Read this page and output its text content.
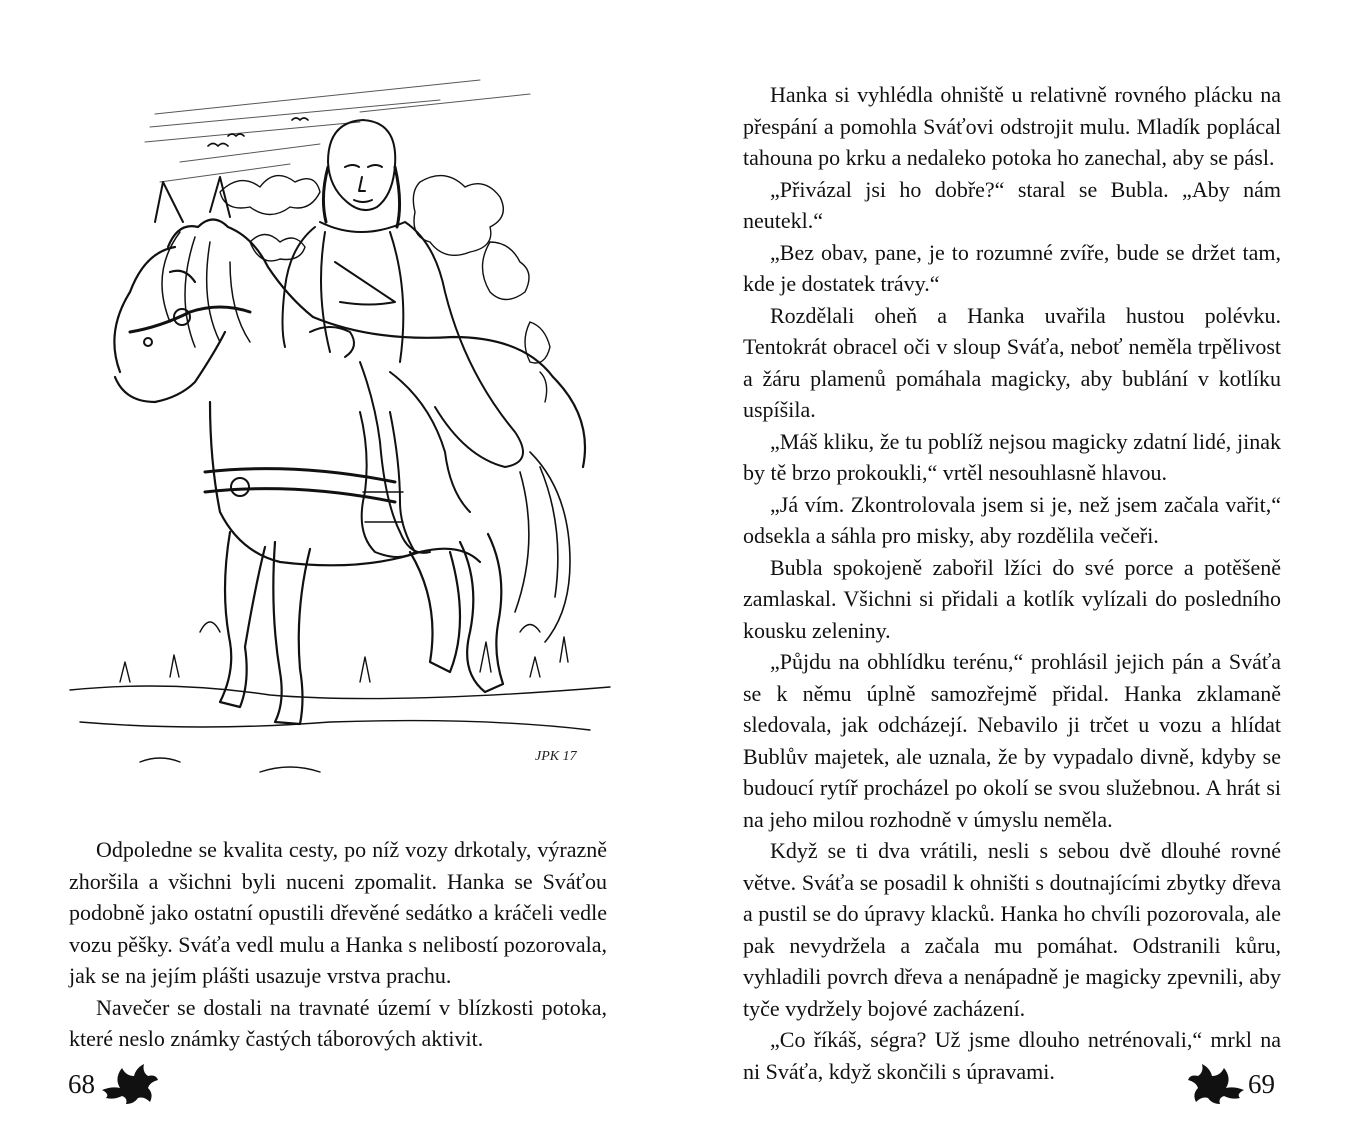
JPK 17

Odpoledne se kvalita cesty, po níž vozy drkotaly, výrazně zhoršila a všichni byli nuceni zpomalit. Hanka se Sváťou podobně jako ostatní opustili dřevěné sedátko a kráčeli vedle vozu pěšky. Sváťa vedl mulu a Hanka s nelibostí pozorovala, jak se na jejím plášti usazuje vrstva prachu.

Navečer se dostali na travnaté území v blízkosti potoka, které neslo známky častých táborových aktivit.

68

Hanka si vyhlédla ohniště u relativně rovného plácku na přespání a pomohla Sváťovi odstrojit mulu. Mladík poplácal tahouna po krku a nedaleko potoka ho zanechal, aby se pásl.

„Přivázal jsi ho dobře?“ staral se Bubla. „Aby nám neutekl.“

„Bez obav, pane, je to rozumné zvíře, bude se držet tam, kde je dostatek trávy.“

Rozdělali oheň a Hanka uvařila hustou polévku. Tentokrát obracel oči v sloup Sváťa, neboť neměla trpělivost a žáru plamenů pomáhala magicky, aby bublání v kotlíku uspíšila.

„Máš kliku, že tu poblíž nejsou magicky zdatní lidé, jinak by tě brzo prokoukli,“ vrtěl nesouhlasně hlavou.

„Já vím. Zkontrolovala jsem si je, než jsem začala vařit,“ odsekla a sáhla pro misky, aby rozdělila večeři.

Bubla spokojeně zabořil lžíci do své porce a potěšeně zamlaskal. Všichni si přidali a kotlík vylízali do posledního kousku zeleniny.

„Půjdu na obhlídku terénu,“ prohlásil jejich pán a Sváťa se k němu úplně samozřejmě přidal. Hanka zklamaně sledovala, jak odcházejí. Nebavilo ji trčet u vozu a hlídat Bublův majetek, ale uznala, že by vypadalo divně, kdyby se budoucí rytíř procházel po okolí se svou služebnou. A hrát si na jeho milou rozhodně v úmyslu neměla.

Když se ti dva vrátili, nesli s sebou dvě dlouhé rovné větve. Sváťa se posadil k ohništi s doutnajícími zbytky dřeva a pustil se do úpravy klacků. Hanka ho chvíli pozorovala, ale pak nevydržela a začala mu pomáhat. Odstranili kůru, vyhladili povrch dřeva a nenápadně je magicky zpevnili, aby tyče vydržely bojové zacházení.

„Co říkáš, ségra? Už jsme dlouho netrénovali,“ mrkl na ni Sváťa, když skončili s úpravami.	69
